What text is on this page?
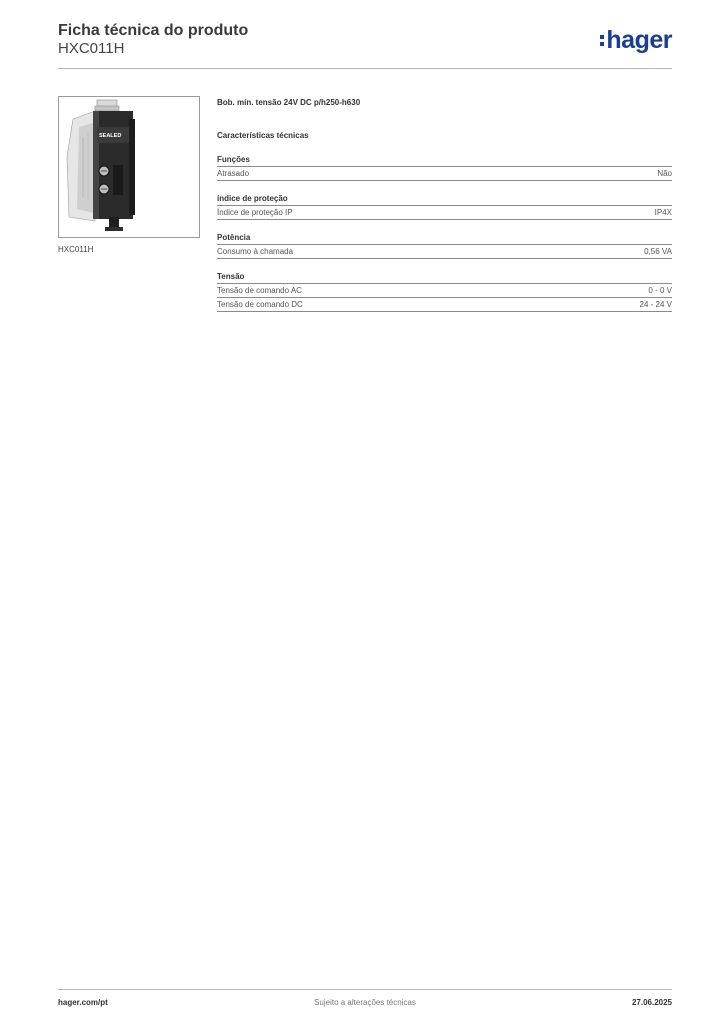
Ficha técnica do produto
HXC011H	hager
SEALED
HXC011H
Bob. mín. tensão 24V DC p/h250-h630
Características técnicas
Funções
Atrasado	Não
índice de proteção
Índice de proteção IP	IP4X
Potência
Consumo à chamada	0,56 VA
Tensão
Tensão de comando AC	0 - 0 V
Tensão de comando DC	24 - 24 V
hager.com/pt	Sujeito a alterações técnicas	27.06.2025
